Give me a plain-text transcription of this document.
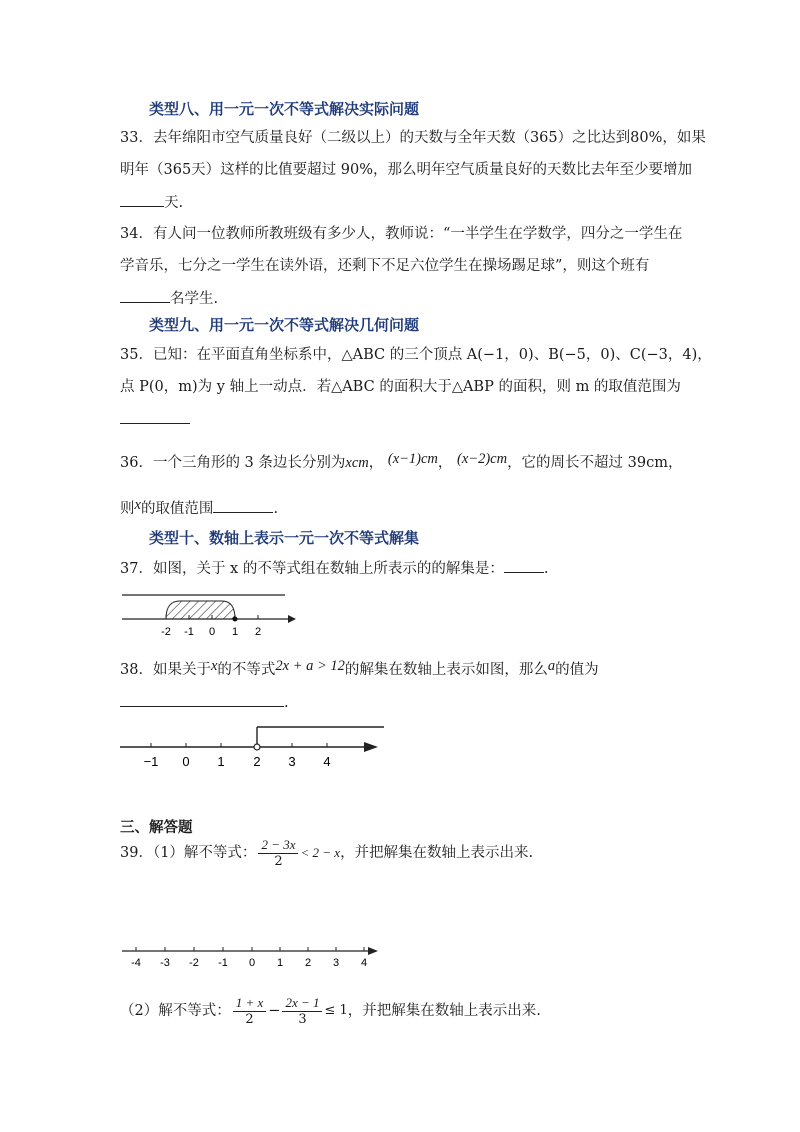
类型八、用一元一次不等式解决实际问题
33．去年绵阳市空气质量良好（二级以上）的天数与全年天数（365）之比达到80%，如果
明年（365天）这样的比值要超过 90%，那么明年空气质量良好的天数比去年至少要增加
天.
34．有人问一位教师所教班级有多少人，教师说：“一半学生在学数学，四分之一学生在
学音乐，七分之一学生在读外语，还剩下不足六位学生在操场踢足球”，则这个班有
名学生.
类型九、用一元一次不等式解决几何问题
35．已知：在平面直角坐标系中，△ABC 的三个顶点 A(−1，0)、B(−5，0)、C(−3，4)，
点 P(0，m)为 y 轴上一动点．若△ABC 的面积大于△ABP 的面积，则 m 的取值范围为
36．一个三角形的 3 条边长分别为xcm， (x−1)cm， (x−2)cm，它的周长不超过 39cm，
则x的取值范围	.
类型十、数轴上表示一元一次不等式解集
37．如图，关于 x 的不等式组在数轴上所表示的的解集是：	.
-2 -1 0 1 2
38．如果关于x的不等式2x + a > 12的解集在数轴上表示如图，那么a的值为
.
−1 0 1 2 3 4
三、解答题
39．（1）解不等式： $\frac{2 - 3x}{2} < 2 - x$ ，并把解集在数轴上表示出来.
-4 -3 -2 -1 0 1 2 3 4
（2）解不等式： $\frac{1 + x}{2} - \frac{2x - 1}{3} \le 1$ ，并把解集在数轴上表示出来.
